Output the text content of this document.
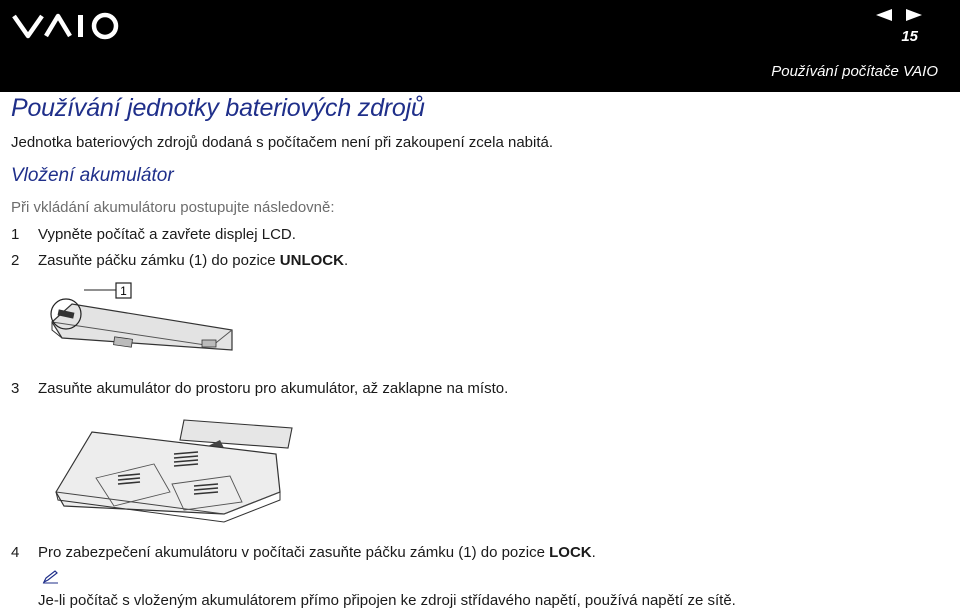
15
Používání počítače VAIO
Používání jednotky bateriových zdrojů
Jednotka bateriových zdrojů dodaná s počítačem není při zakoupení zcela nabitá.
Vložení akumulátor
Při vkládání akumulátoru postupujte následovně:
1 Vypněte počítač a zavřete displej LCD.
2 Zasuňte páčku zámku (1) do pozice UNLOCK.
1
3 Zasuňte akumulátor do prostoru pro akumulátor, až zaklapne na místo.
4 Pro zabezpečení akumulátoru v počítači zasuňte páčku zámku (1) do pozice LOCK.
Je-li počítač s vloženým akumulátorem přímo připojen ke zdroji střídavého napětí, používá napětí ze sítě.
